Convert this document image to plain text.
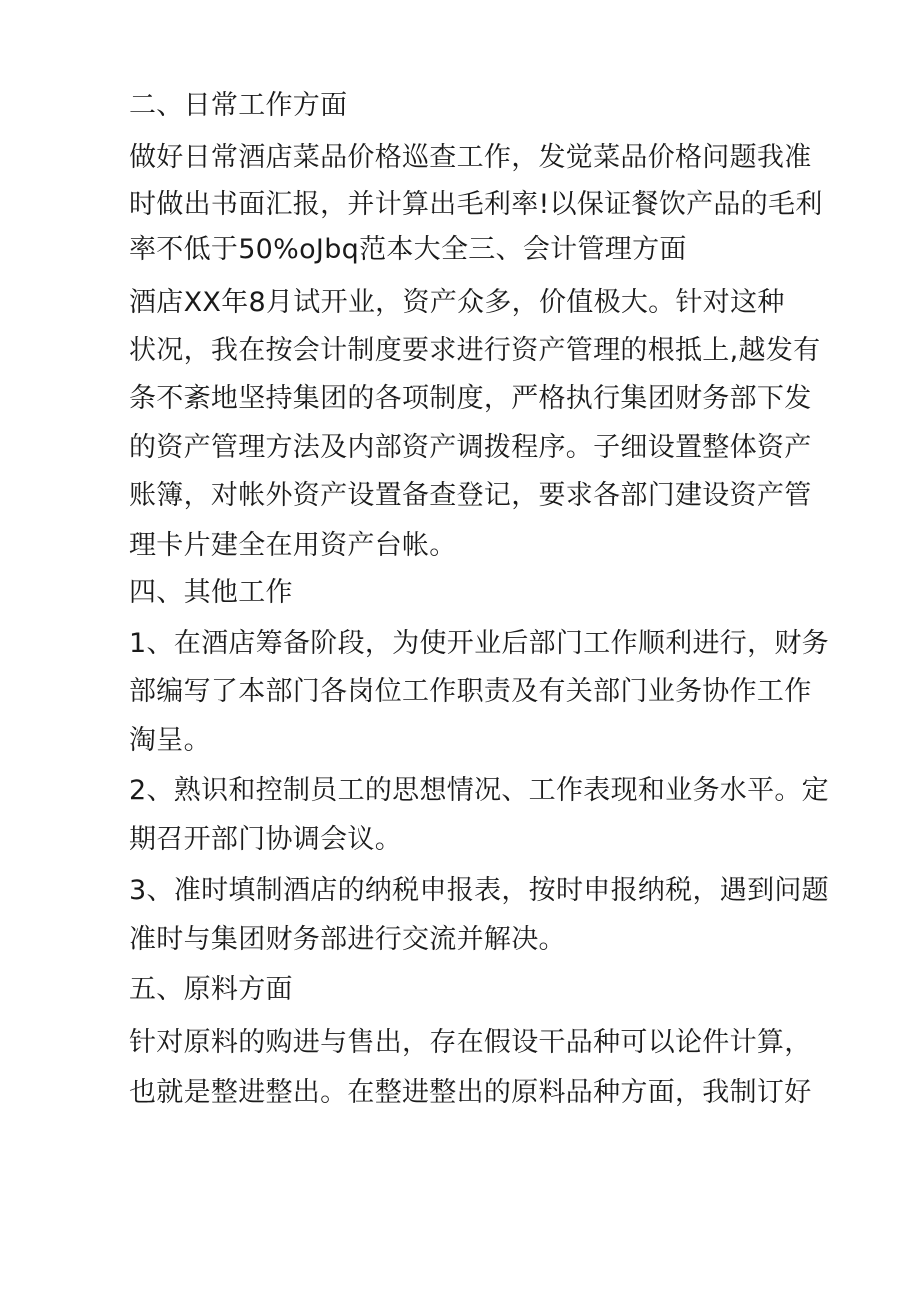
二、日常工作方面
做好日常酒店菜品价格巡查工作，发觉菜品价格问题我准
时做出书面汇报，并计算出毛利率!以保证餐饮产品的毛利
率不低于50%oJbq范本大全三、会计管理方面
酒店XX年8月试开业，资产众多，价值极大。针对这种
状况，我在按会计制度要求进行资产管理的根抵上,越发有
条不紊地坚持集团的各项制度，严格执行集团财务部下发
的资产管理方法及内部资产调拨程序。子细设置整体资产
账簿，对帐外资产设置备查登记，要求各部门建设资产管
理卡片建全在用资产台帐。
四、其他工作
1、在酒店筹备阶段，为使开业后部门工作顺利进行，财务
部编写了本部门各岗位工作职责及有关部门业务协作工作
淘呈。
2、熟识和控制员工的思想情况、工作表现和业务水平。定
期召开部门协调会议。
3、准时填制酒店的纳税申报表，按时申报纳税，遇到问题
准时与集团财务部进行交流并解决。
五、原料方面
针对原料的购进与售出，存在假设干品种可以论件计算，
也就是整进整出。在整进整出的原料品种方面，我制订好
